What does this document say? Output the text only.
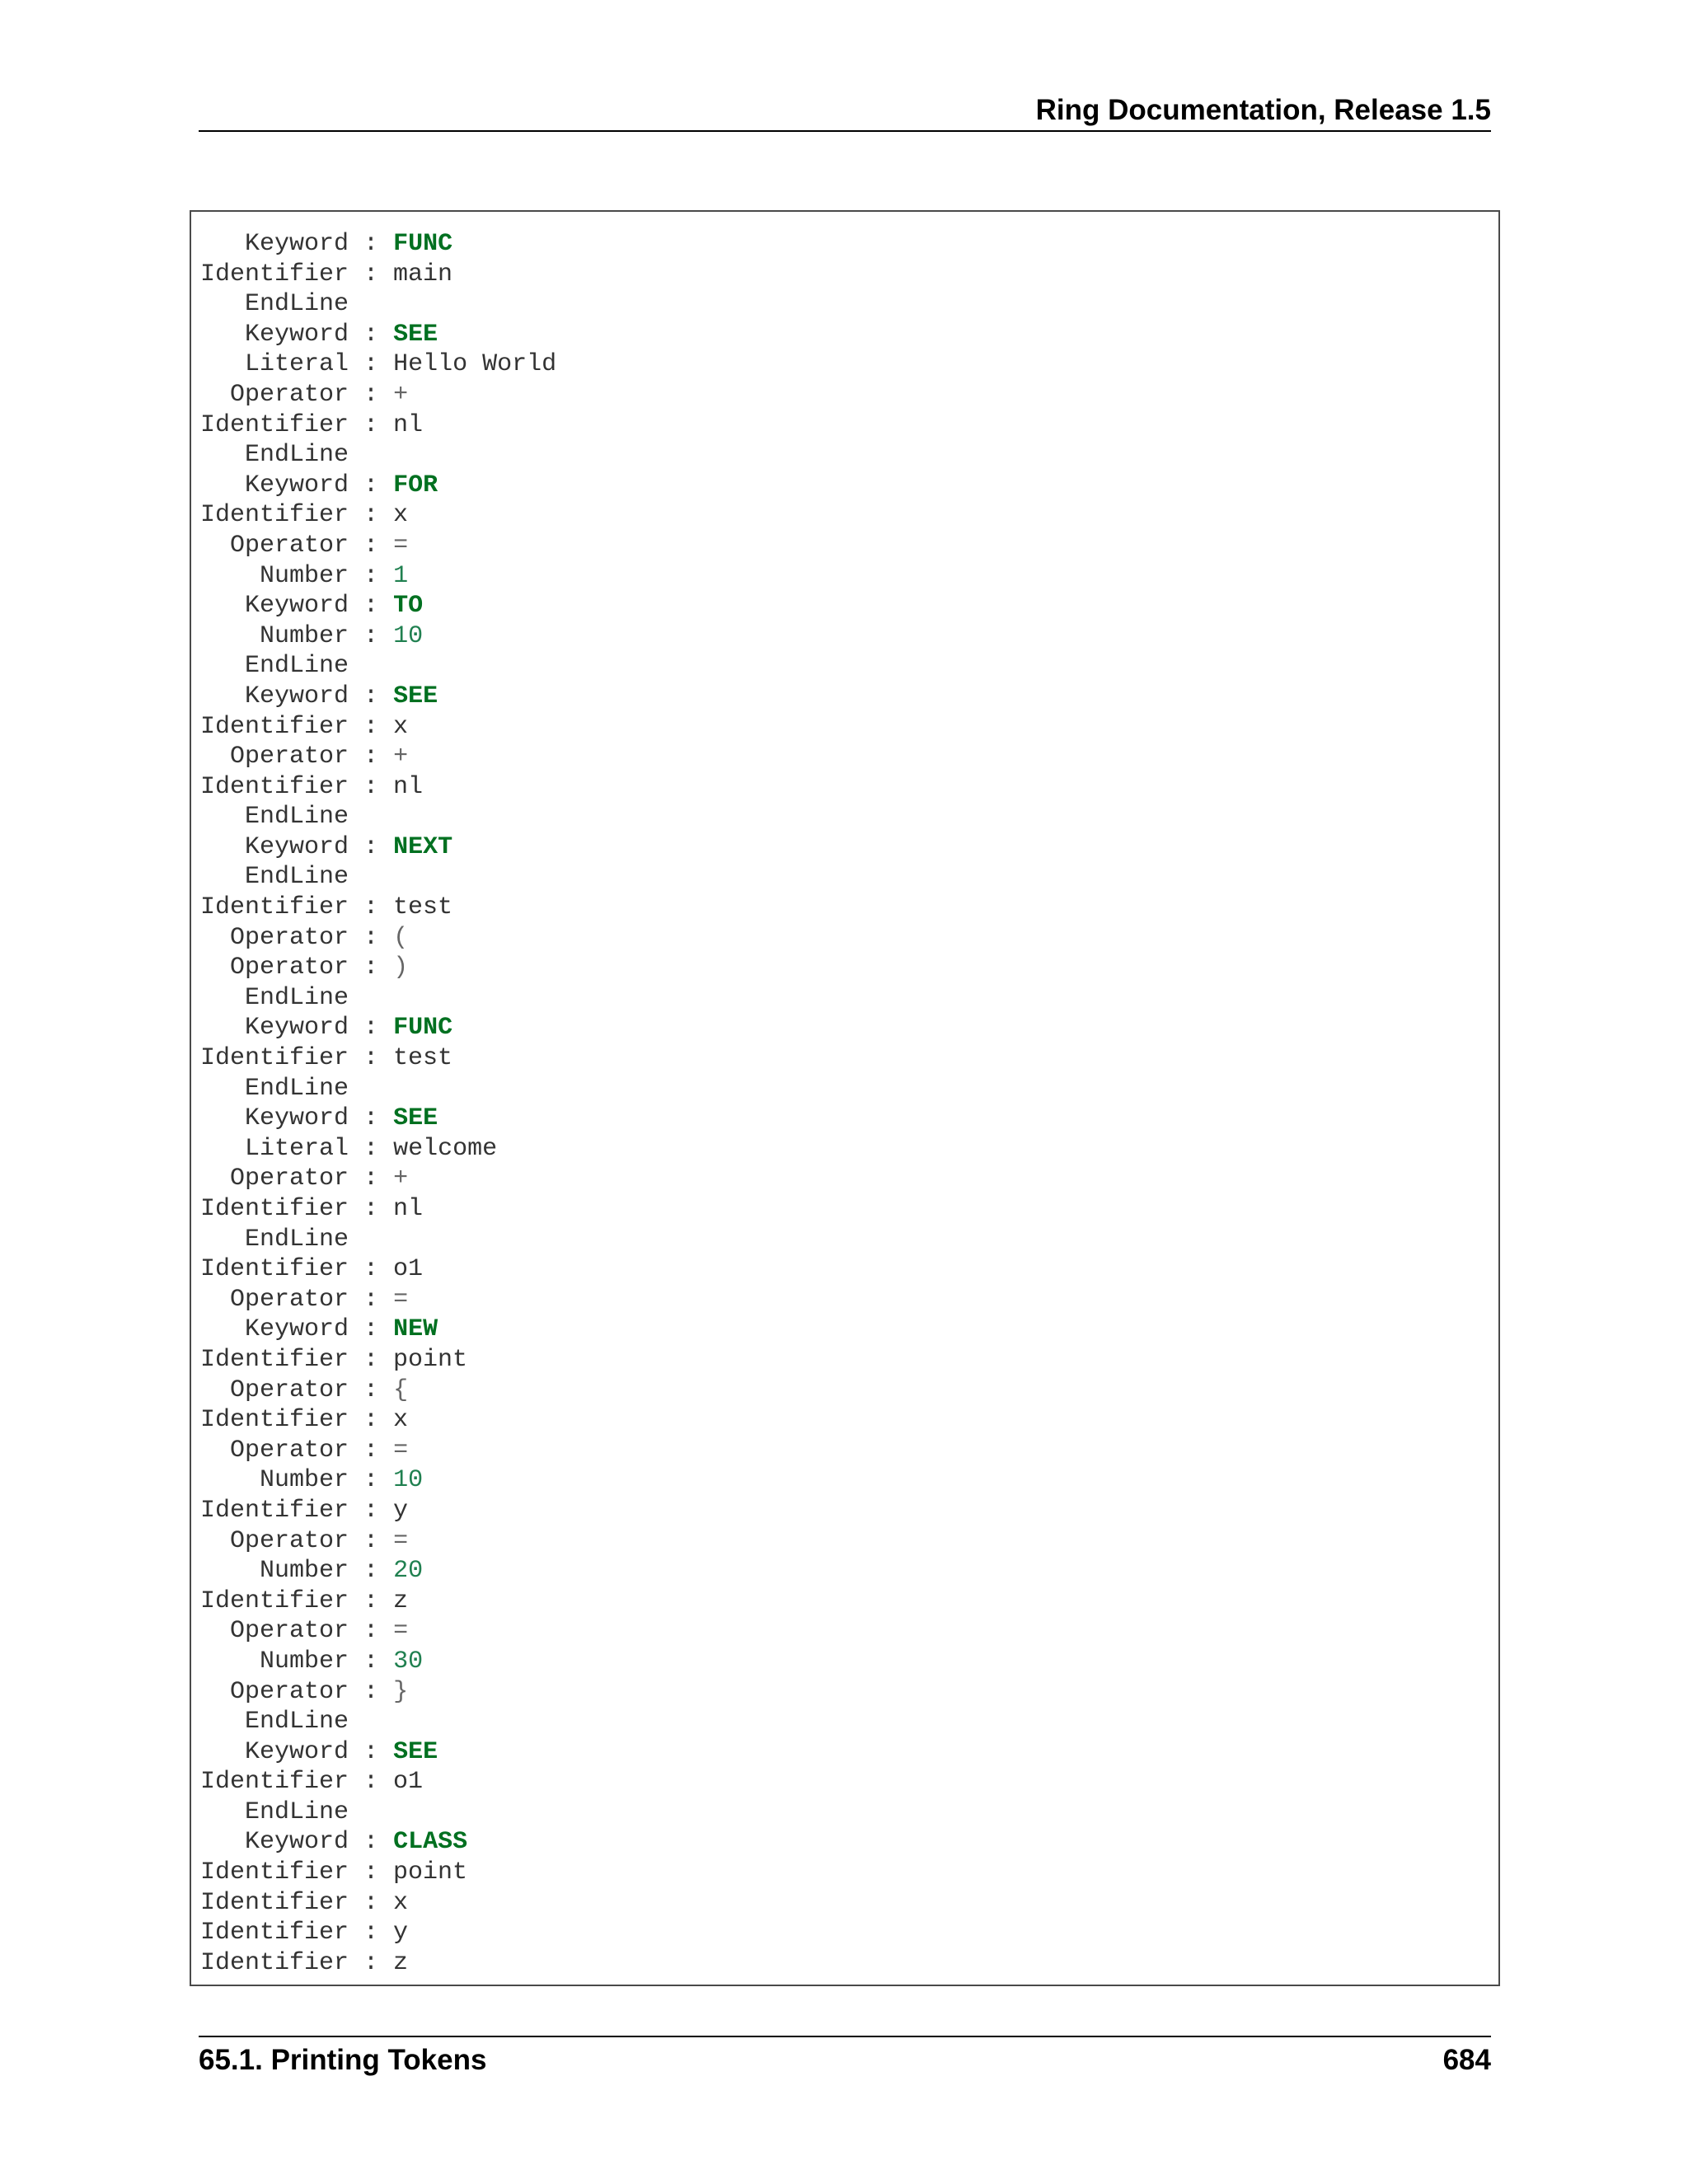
Ring Documentation, Release 1.5
Keyword : FUNC
Identifier : main
EndLine
Keyword : SEE
Literal : Hello World
Operator : +
Identifier : nl
EndLine
Keyword : FOR
Identifier : x
Operator : =
Number : 1
Keyword : TO
Number : 10
EndLine
Keyword : SEE
Identifier : x
Operator : +
Identifier : nl
EndLine
Keyword : NEXT
EndLine
Identifier : test
Operator : (
Operator : )
EndLine
Keyword : FUNC
Identifier : test
EndLine
Keyword : SEE
Literal : welcome
Operator : +
Identifier : nl
EndLine
Identifier : o1
Operator : =
Keyword : NEW
Identifier : point
Operator : {
Identifier : x
Operator : =
Number : 10
Identifier : y
Operator : =
Number : 20
Identifier : z
Operator : =
Number : 30
Operator : }
EndLine
Keyword : SEE
Identifier : o1
EndLine
Keyword : CLASS
Identifier : point
Identifier : x
Identifier : y
Identifier : z
65.1. Printing Tokens	684
